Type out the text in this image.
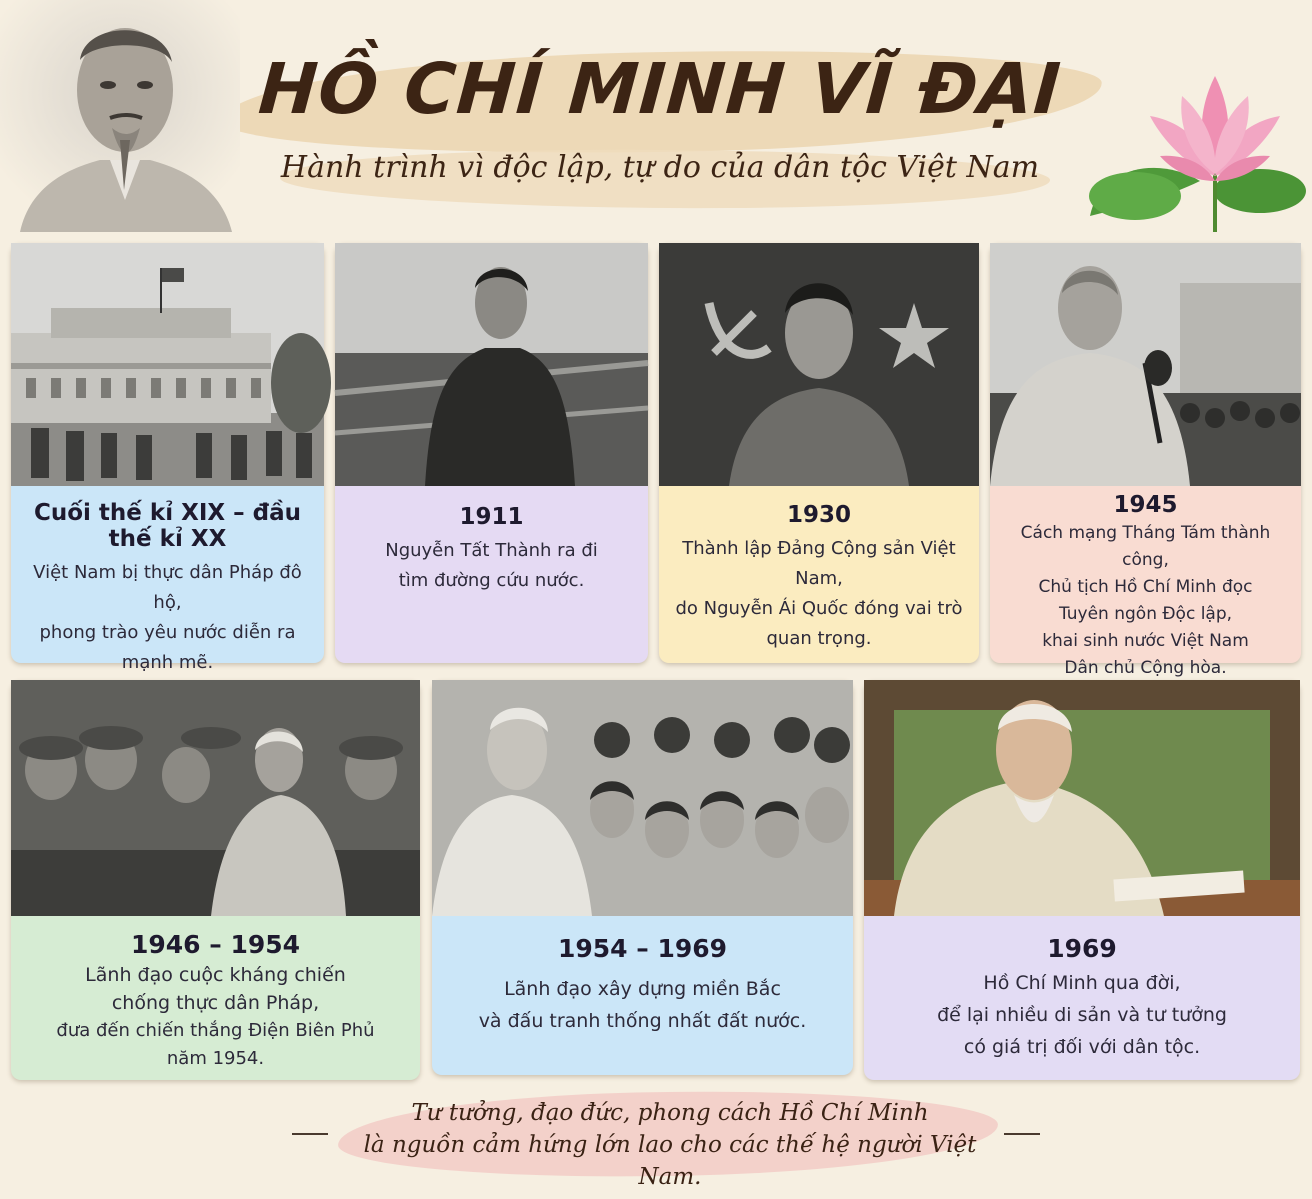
HỒ CHÍ MINH VĨ ĐẠI
Hành trình vì độc lập, tự do của dân tộc Việt Nam
Cuối thế kỉ XIX – đầu thế kỉ XX
Việt Nam bị thực dân Pháp đô hộ,
phong trào yêu nước diễn ra
mạnh mẽ.
1911
Nguyễn Tất Thành ra đi
tìm đường cứu nước.
1930
Thành lập Đảng Cộng sản Việt Nam,
do Nguyễn Ái Quốc đóng vai trò
quan trọng.
1945
Cách mạng Tháng Tám thành công,
Chủ tịch Hồ Chí Minh đọc
Tuyên ngôn Độc lập,
khai sinh nước Việt Nam
Dân chủ Cộng hòa.
1946 – 1954
Lãnh đạo cuộc kháng chiến
chống thực dân Pháp,
đưa đến chiến thắng Điện Biên Phủ
năm 1954.
1954 – 1969
Lãnh đạo xây dựng miền Bắc
và đấu tranh thống nhất đất nước.
1969
Hồ Chí Minh qua đời,
để lại nhiều di sản và tư tưởng
có giá trị đối với dân tộc.
Tư tưởng, đạo đức, phong cách Hồ Chí Minh
là nguồn cảm hứng lớn lao cho các thế hệ người Việt Nam.
